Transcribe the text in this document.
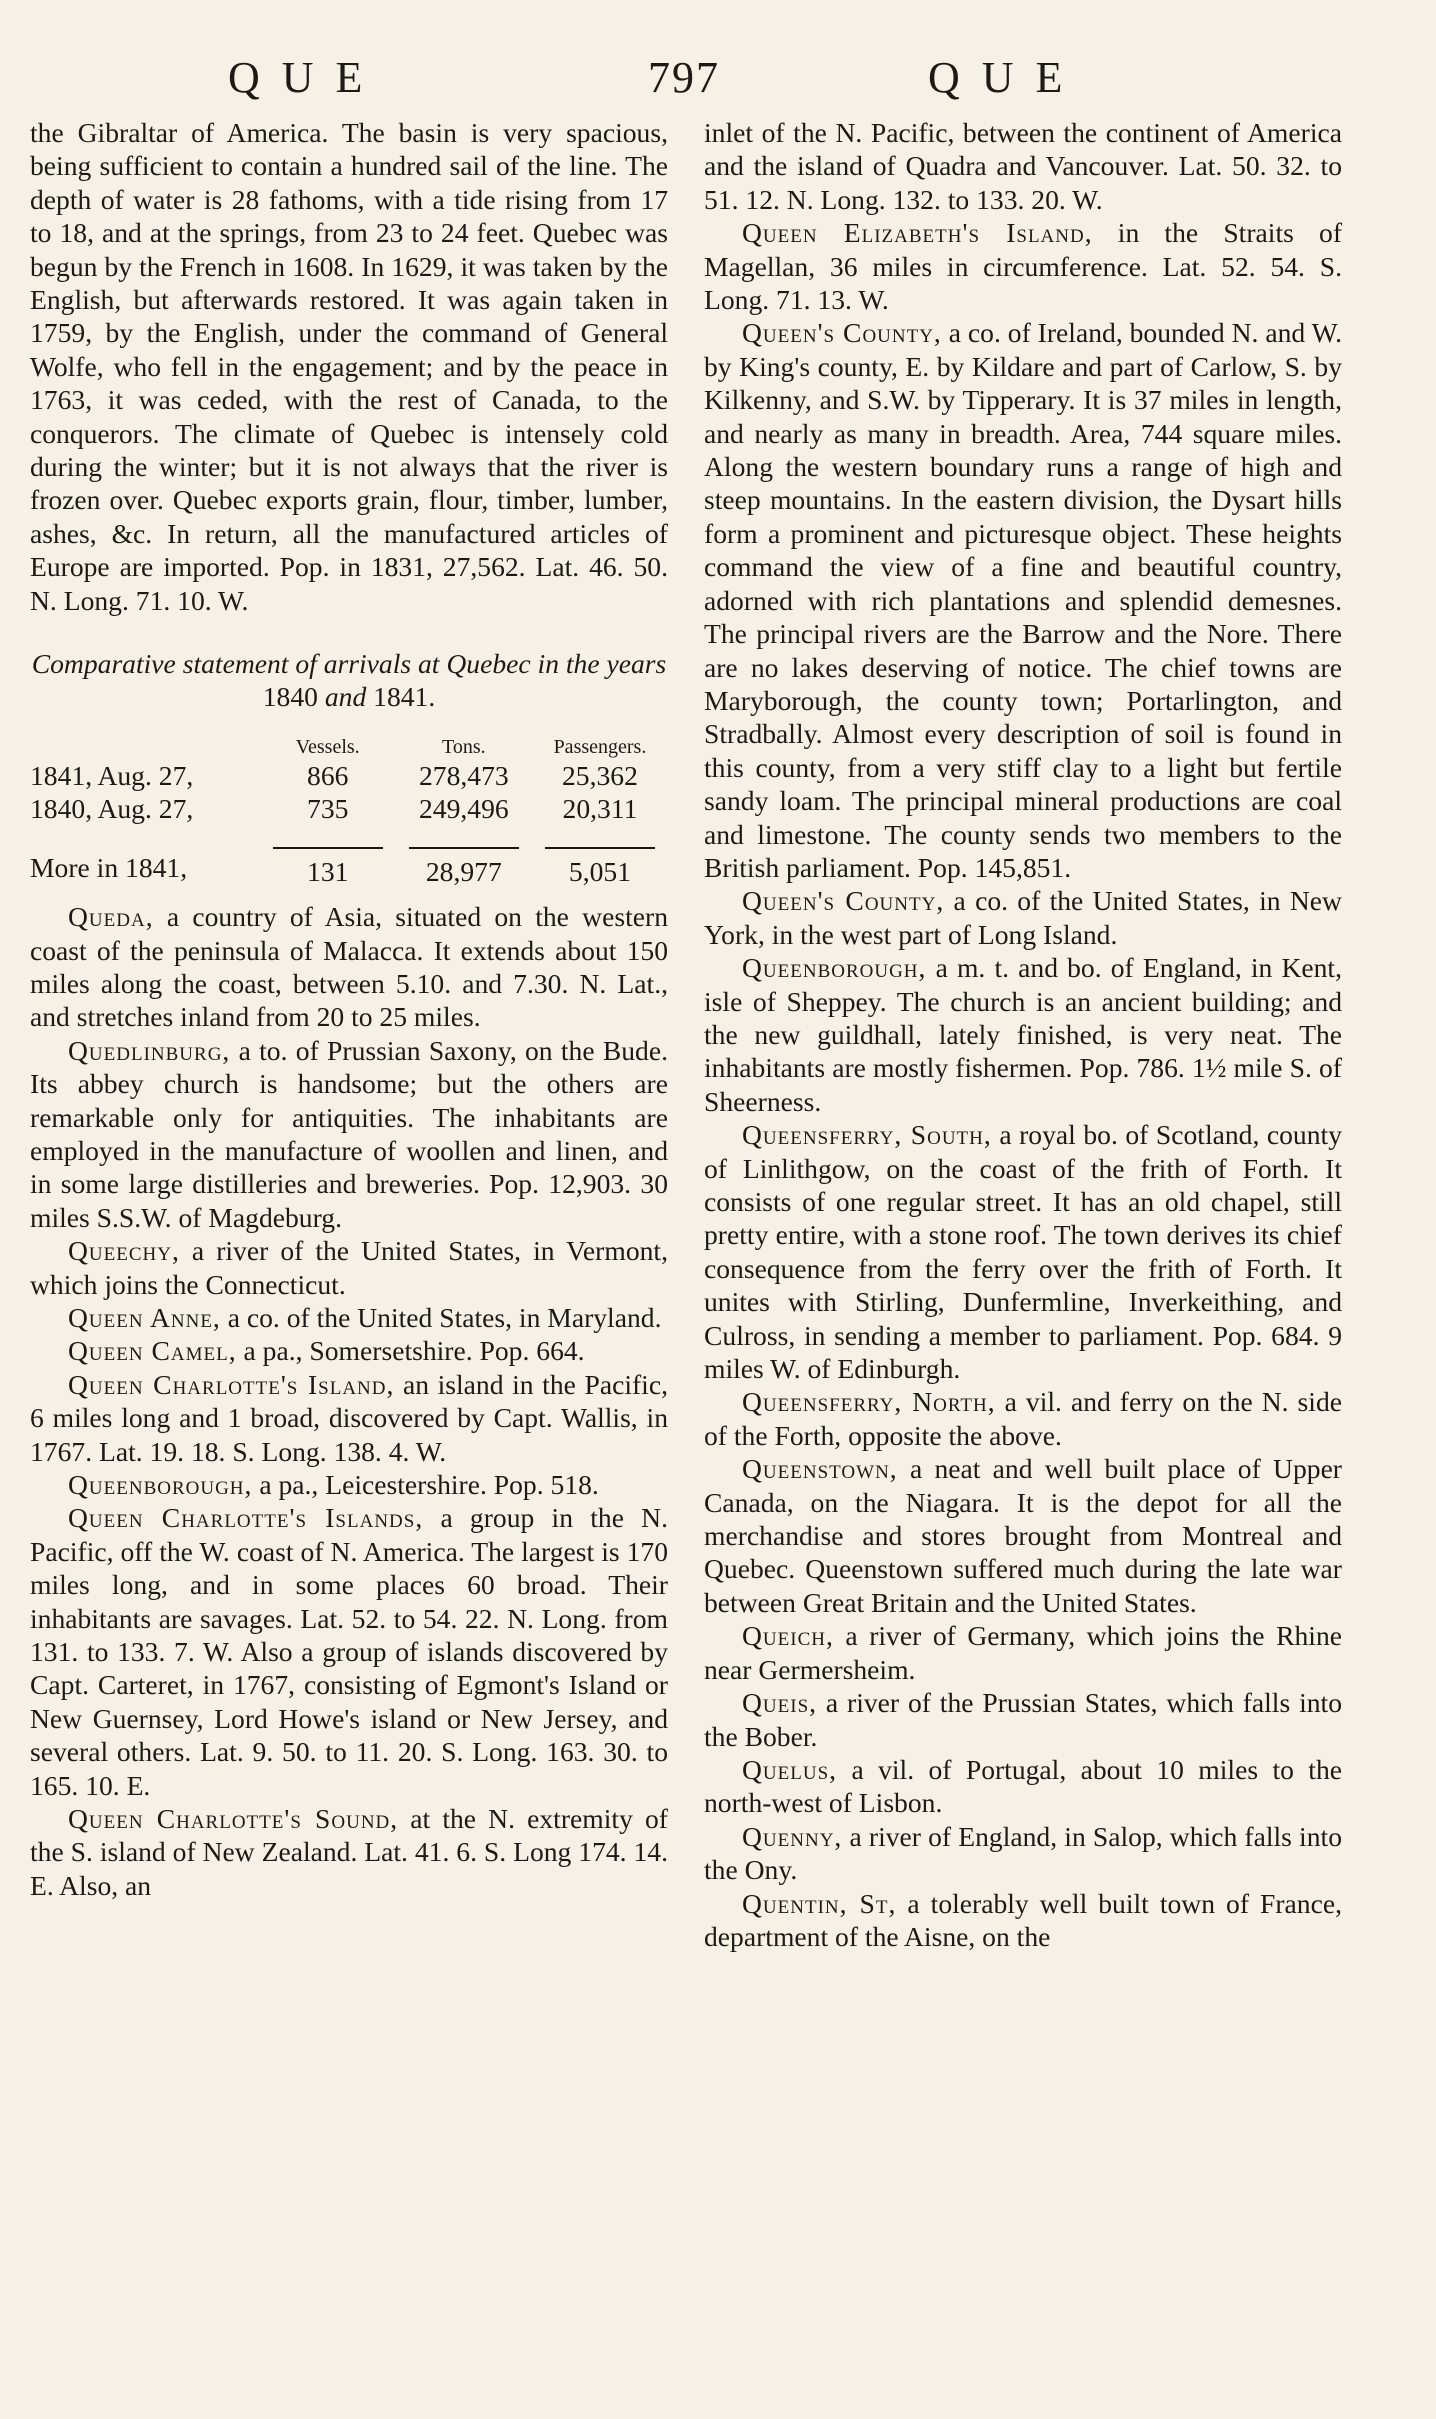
QUE	797	QUE

the Gibraltar of America. The basin is very spacious, being sufficient to contain a hundred sail of the line. The depth of water is 28 fathoms, with a tide rising from 17 to 18, and at the springs, from 23 to 24 feet. Quebec was begun by the French in 1608. In 1629, it was taken by the English, but afterwards restored. It was again taken in 1759, by the English, under the command of General Wolfe, who fell in the engagement; and by the peace in 1763, it was ceded, with the rest of Canada, to the conquerors. The climate of Quebec is intensely cold during the winter; but it is not always that the river is frozen over. Quebec exports grain, flour, timber, lumber, ashes, &c. In return, all the manufactured articles of Europe are imported. Pop. in 1831, 27,562. Lat. 46. 50. N. Long. 71. 10. W.

Comparative statement of arrivals at Quebec in the years 1840 and 1841.
	Vessels.	Tons.	Passengers.
1841, Aug. 27,	866	278,473	25,362
1840, Aug. 27,	735	249,496	20,311
More in 1841,	131	28,977	5,051

Queda, a country of Asia, situated on the western coast of the peninsula of Malacca. It extends about 150 miles along the coast, between 5.10. and 7.30. N. Lat., and stretches inland from 20 to 25 miles.

Quedlinburg, a to. of Prussian Saxony, on the Bude. Its abbey church is handsome; but the others are remarkable only for antiquities. The inhabitants are employed in the manufacture of woollen and linen, and in some large distilleries and breweries. Pop. 12,903. 30 miles S.S.W. of Magdeburg.

Queechy, a river of the United States, in Vermont, which joins the Connecticut.

Queen Anne, a co. of the United States, in Maryland.

Queen Camel, a pa., Somersetshire. Pop. 664.

Queen Charlotte's Island, an island in the Pacific, 6 miles long and 1 broad, discovered by Capt. Wallis, in 1767. Lat. 19. 18. S. Long. 138. 4. W.

Queenborough, a pa., Leicestershire. Pop. 518.

Queen Charlotte's Islands, a group in the N. Pacific, off the W. coast of N. America. The largest is 170 miles long, and in some places 60 broad. Their inhabitants are savages. Lat. 52. to 54. 22. N. Long. from 131. to 133. 7. W. Also a group of islands discovered by Capt. Carteret, in 1767, consisting of Egmont's Island or New Guernsey, Lord Howe's island or New Jersey, and several others. Lat. 9. 50. to 11. 20. S. Long. 163. 30. to 165. 10. E.

Queen Charlotte's Sound, at the N. extremity of the S. island of New Zealand. Lat. 41. 6. S. Long 174. 14. E. Also, an

inlet of the N. Pacific, between the continent of America and the island of Quadra and Vancouver. Lat. 50. 32. to 51. 12. N. Long. 132. to 133. 20. W.

Queen Elizabeth's Island, in the Straits of Magellan, 36 miles in circumference. Lat. 52. 54. S. Long. 71. 13. W.

Queen's County, a co. of Ireland, bounded N. and W. by King's county, E. by Kildare and part of Carlow, S. by Kilkenny, and S.W. by Tipperary. It is 37 miles in length, and nearly as many in breadth. Area, 744 square miles. Along the western boundary runs a range of high and steep mountains. In the eastern division, the Dysart hills form a prominent and picturesque object. These heights command the view of a fine and beautiful country, adorned with rich plantations and splendid demesnes. The principal rivers are the Barrow and the Nore. There are no lakes deserving of notice. The chief towns are Maryborough, the county town; Portarlington, and Stradbally. Almost every description of soil is found in this county, from a very stiff clay to a light but fertile sandy loam. The principal mineral productions are coal and limestone. The county sends two members to the British parliament. Pop. 145,851.

Queen's County, a co. of the United States, in New York, in the west part of Long Island.

Queenborough, a m. t. and bo. of England, in Kent, isle of Sheppey. The church is an ancient building; and the new guildhall, lately finished, is very neat. The inhabitants are mostly fishermen. Pop. 786. 1½ mile S. of Sheerness.

Queensferry, South, a royal bo. of Scotland, county of Linlithgow, on the coast of the frith of Forth. It consists of one regular street. It has an old chapel, still pretty entire, with a stone roof. The town derives its chief consequence from the ferry over the frith of Forth. It unites with Stirling, Dunfermline, Inverkeithing, and Culross, in sending a member to parliament. Pop. 684. 9 miles W. of Edinburgh.

Queensferry, North, a vil. and ferry on the N. side of the Forth, opposite the above.

Queenstown, a neat and well built place of Upper Canada, on the Niagara. It is the depot for all the merchandise and stores brought from Montreal and Quebec. Queenstown suffered much during the late war between Great Britain and the United States.

Queich, a river of Germany, which joins the Rhine near Germersheim.

Queis, a river of the Prussian States, which falls into the Bober.

Quelus, a vil. of Portugal, about 10 miles to the north-west of Lisbon.

Quenny, a river of England, in Salop, which falls into the Ony.

Quentin, St, a tolerably well built town of France, department of the Aisne, on the
